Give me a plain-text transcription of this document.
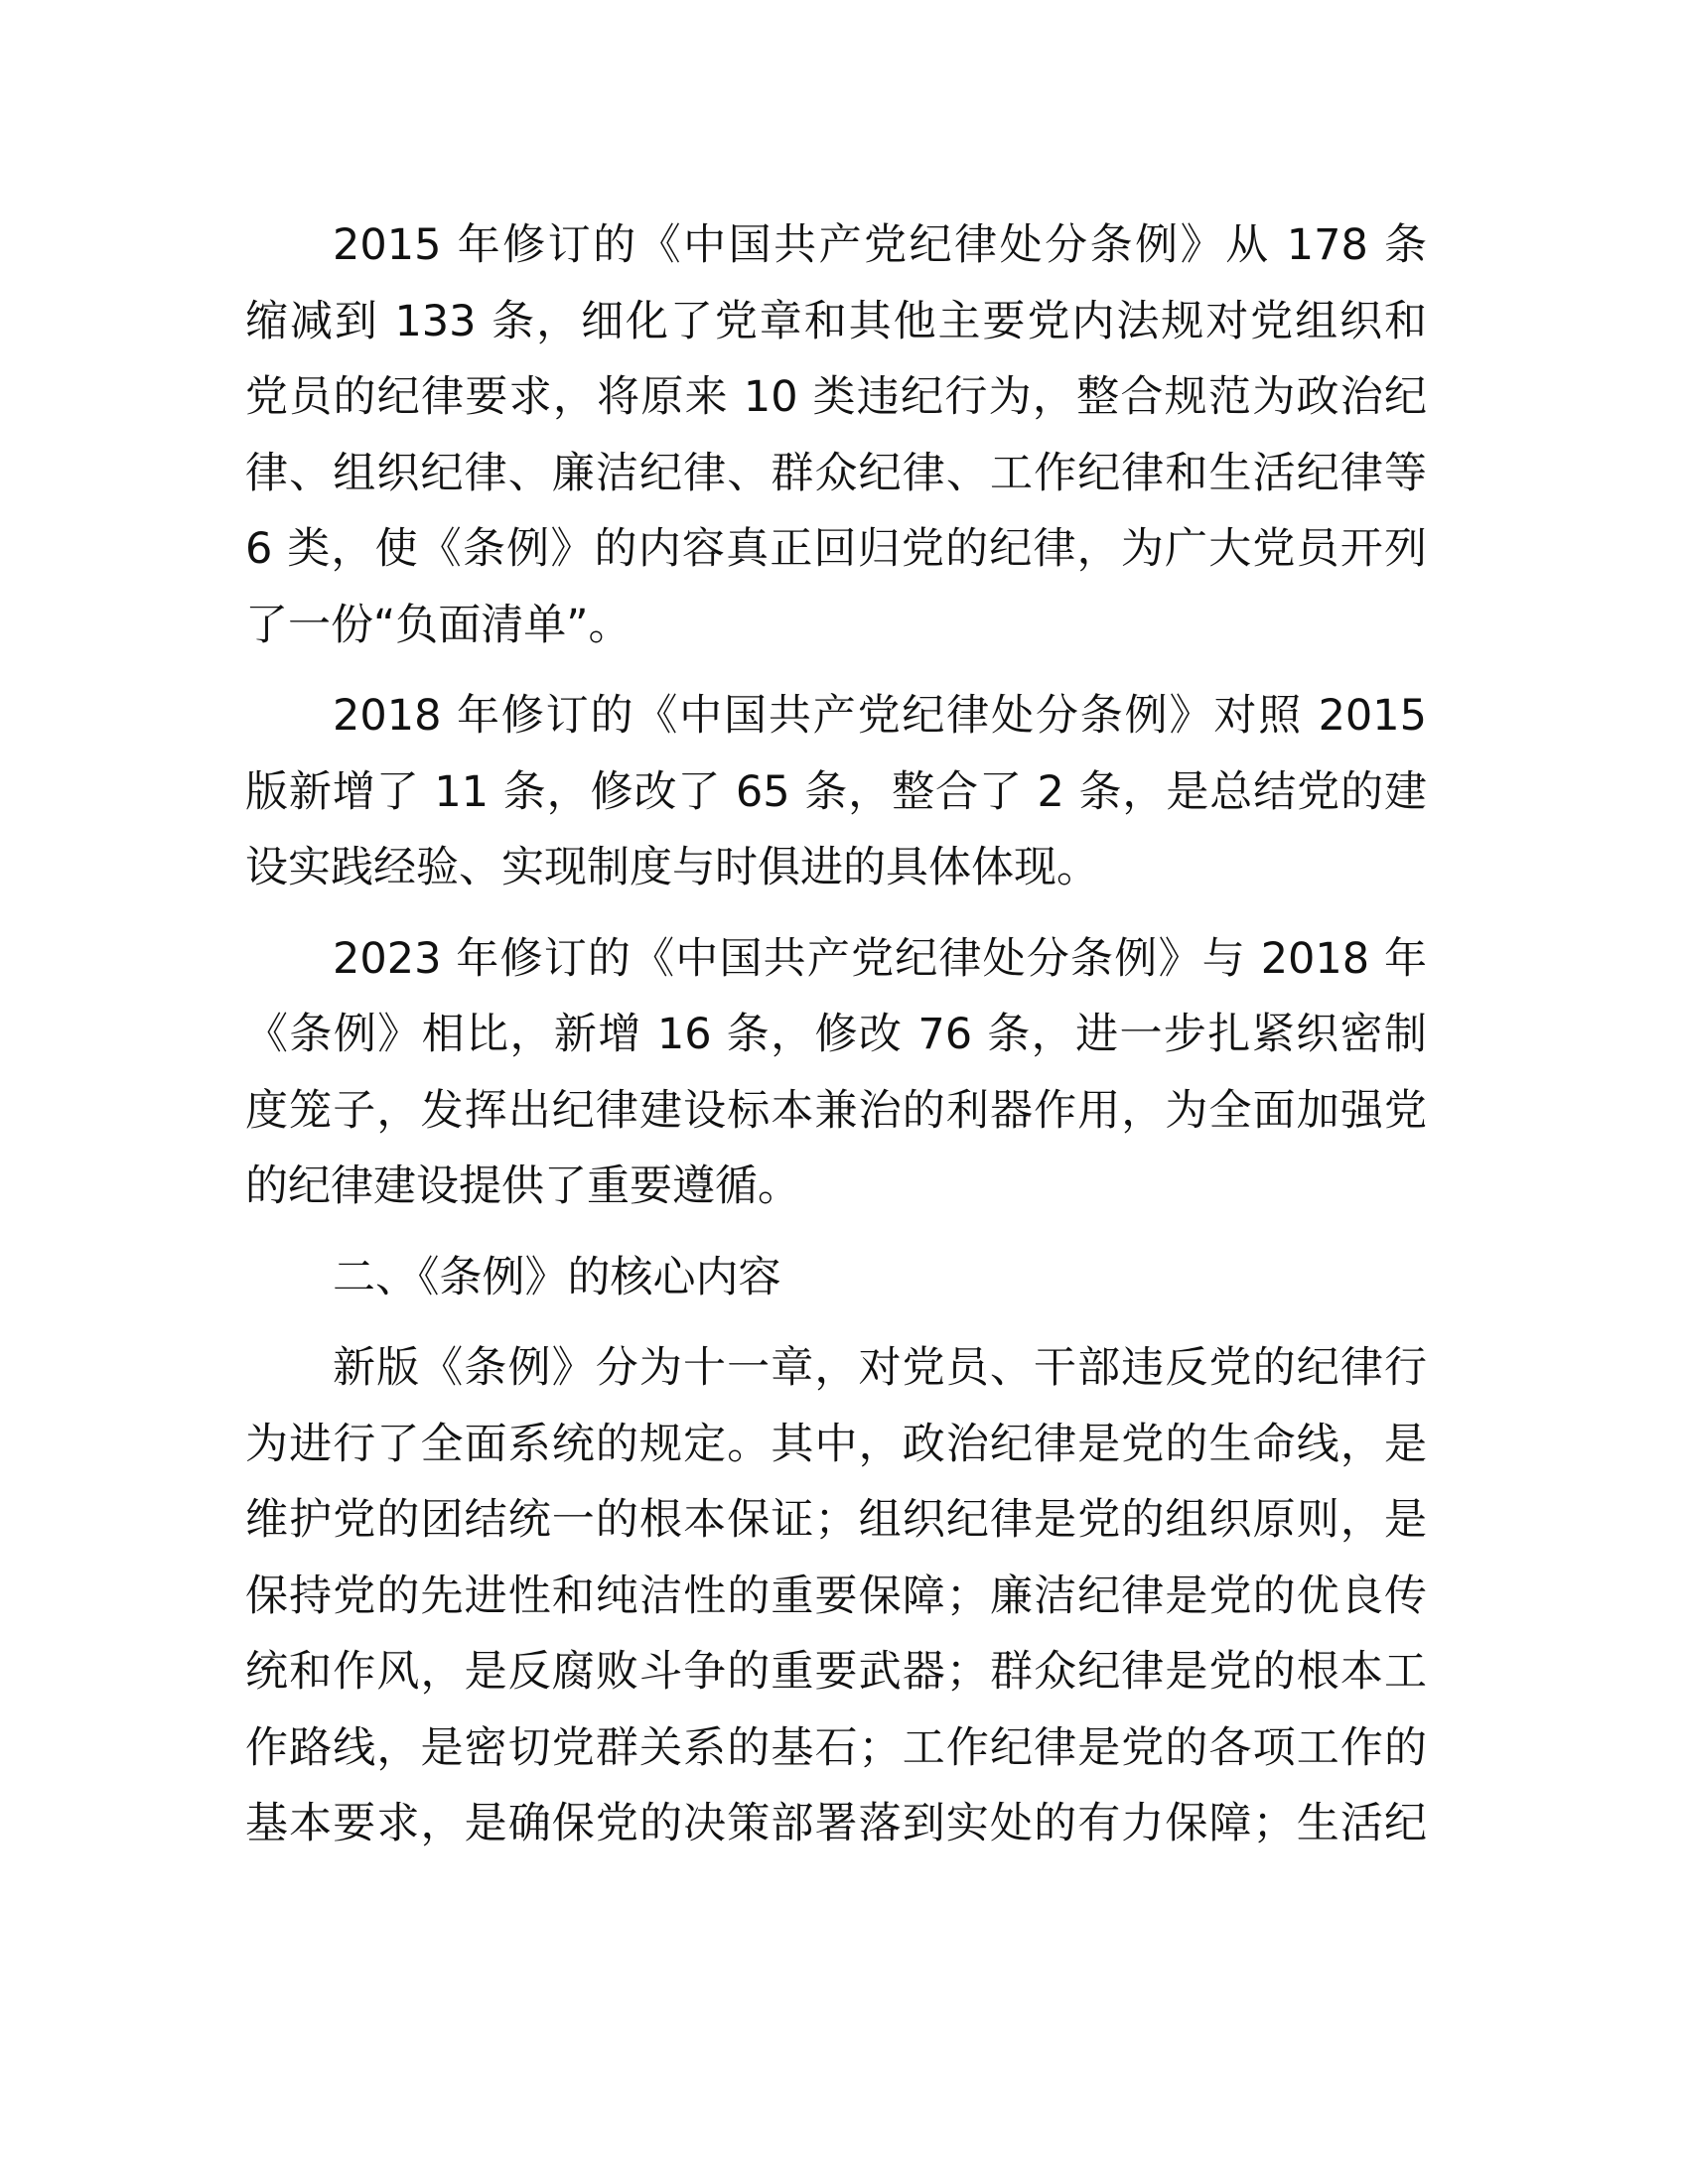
2015 年修订的《中国共产党纪律处分条例》从 178 条
缩减到 133 条，细化了党章和其他主要党内法规对党组织和
党员的纪律要求，将原来 10 类违纪行为，整合规范为政治纪
律、组织纪律、廉洁纪律、群众纪律、工作纪律和生活纪律等
6 类，使《条例》的内容真正回归党的纪律，为广大党员开列
了一份“负面清单”。
2018 年修订的《中国共产党纪律处分条例》对照 2015
版新增了 11 条，修改了 65 条，整合了 2 条，是总结党的建
设实践经验、实现制度与时俱进的具体体现。
2023 年修订的《中国共产党纪律处分条例》与 2018 年
《条例》相比，新增 16 条，修改 76 条，进一步扎紧织密制
度笼子，发挥出纪律建设标本兼治的利器作用，为全面加强党
的纪律建设提供了重要遵循。
二、《条例》的核心内容
新版《条例》分为十一章，对党员、干部违反党的纪律行
为进行了全面系统的规定。其中，政治纪律是党的生命线，是
维护党的团结统一的根本保证；组织纪律是党的组织原则，是
保持党的先进性和纯洁性的重要保障；廉洁纪律是党的优良传
统和作风，是反腐败斗争的重要武器；群众纪律是党的根本工
作路线，是密切党群关系的基石；工作纪律是党的各项工作的
基本要求，是确保党的决策部署落到实处的有力保障；生活纪
